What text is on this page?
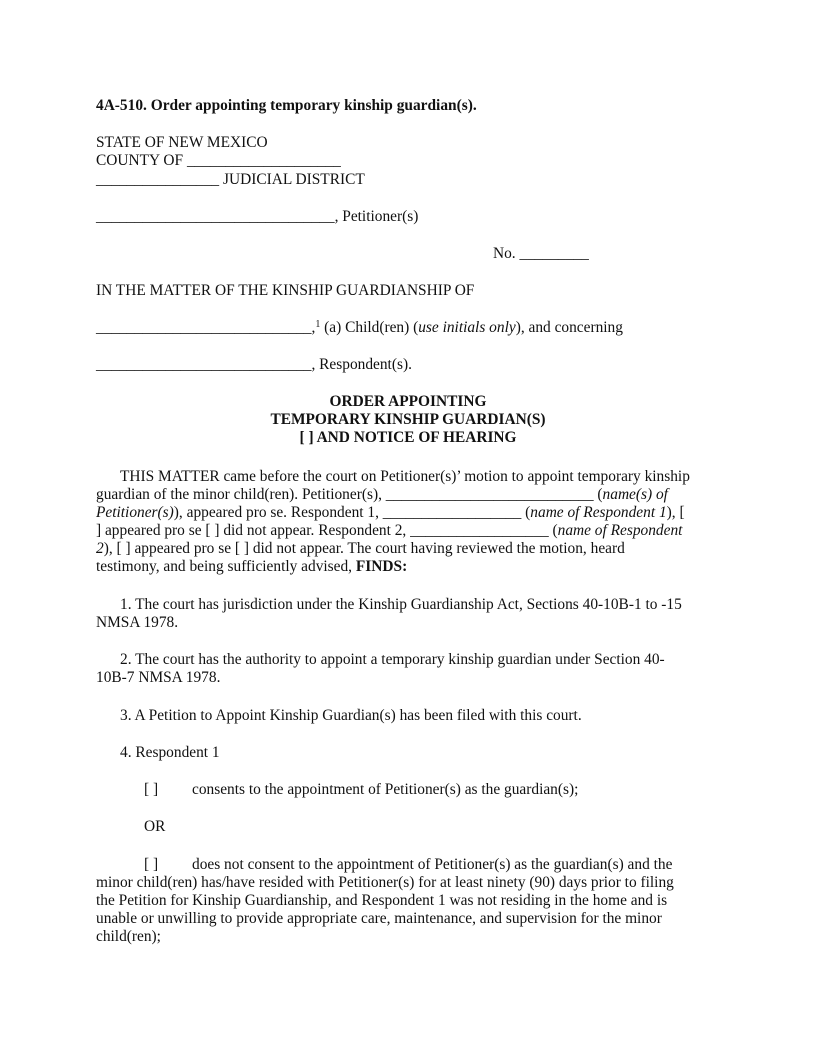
4A-510. Order appointing temporary kinship guardian(s).
STATE OF NEW MEXICO
COUNTY OF ____________________
________________ JUDICIAL DISTRICT
_______________________________, Petitioner(s)
No. _________
IN THE MATTER OF THE KINSHIP GUARDIANSHIP OF
____________________________,$^1$ (a) Child(ren) (use initials only), and concerning
____________________________, Respondent(s).
ORDER APPOINTING
TEMPORARY KINSHIP GUARDIAN(S)
[ ] AND NOTICE OF HEARING
THIS MATTER came before the court on Petitioner(s)’ motion to appoint temporary kinship
guardian of the minor child(ren). Petitioner(s), ___________________________ (name(s) of
Petitioner(s)), appeared pro se. Respondent 1, __________________ (name of Respondent 1), [
] appeared pro se [ ] did not appear. Respondent 2, __________________ (name of Respondent
2), [ ] appeared pro se [ ] did not appear. The court having reviewed the motion, heard
testimony, and being sufficiently advised, FINDS:
1. The court has jurisdiction under the Kinship Guardianship Act, Sections 40-10B-1 to -15
NMSA 1978.
2. The court has the authority to appoint a temporary kinship guardian under Section 40-
10B-7 NMSA 1978.
3. A Petition to Appoint Kinship Guardian(s) has been filed with this court.
4. Respondent 1
[ ] consents to the appointment of Petitioner(s) as the guardian(s);
OR
[ ] does not consent to the appointment of Petitioner(s) as the guardian(s) and the
minor child(ren) has/have resided with Petitioner(s) for at least ninety (90) days prior to filing
the Petition for Kinship Guardianship, and Respondent 1 was not residing in the home and is
unable or unwilling to provide appropriate care, maintenance, and supervision for the minor
child(ren);
